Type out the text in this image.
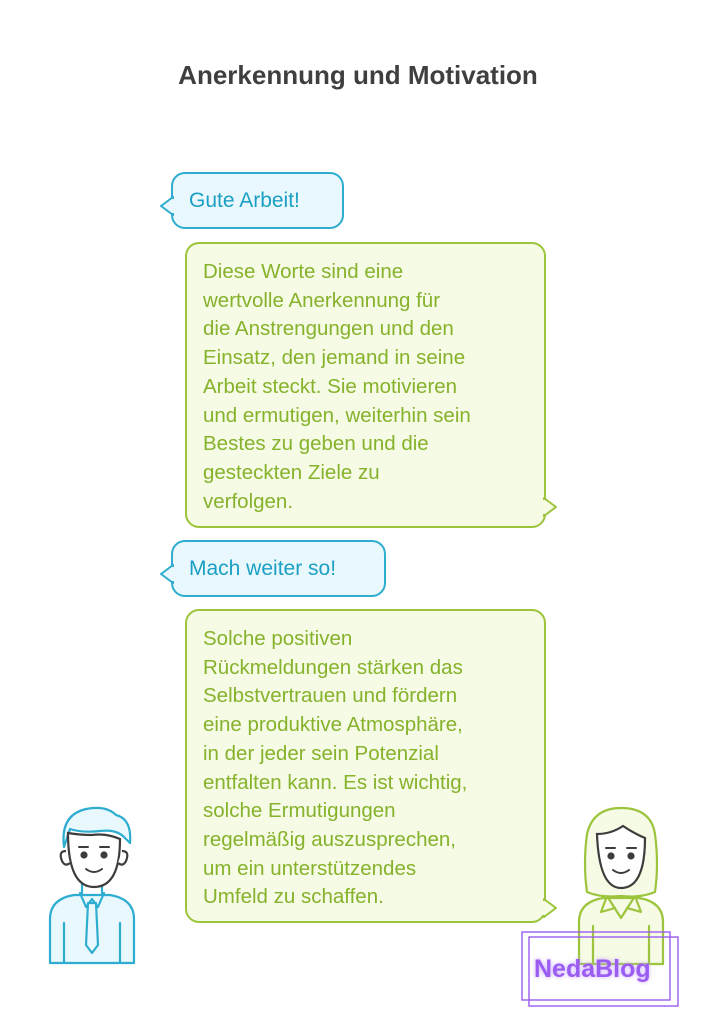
Anerkennung und Motivation
Gute Arbeit!

Diese Worte sind eine

wertvolle Anerkennung für

die Anstrengungen und den

Einsatz, den jemand in seine

Arbeit steckt. Sie motivieren

und ermutigen, weiterhin sein

Bestes zu geben und die

gesteckten Ziele zu

verfolgen.

Mach weiter so!

Solche positiven

Rückmeldungen stärken das

Selbstvertrauen und fördern

eine produktive Atmosphäre,

in der jeder sein Potenzial

entfalten kann. Es ist wichtig,

solche Ermutigungen

regelmäßig auszusprechen,

um ein unterstützendes

Umfeld zu schaffen.

NedaBlog
